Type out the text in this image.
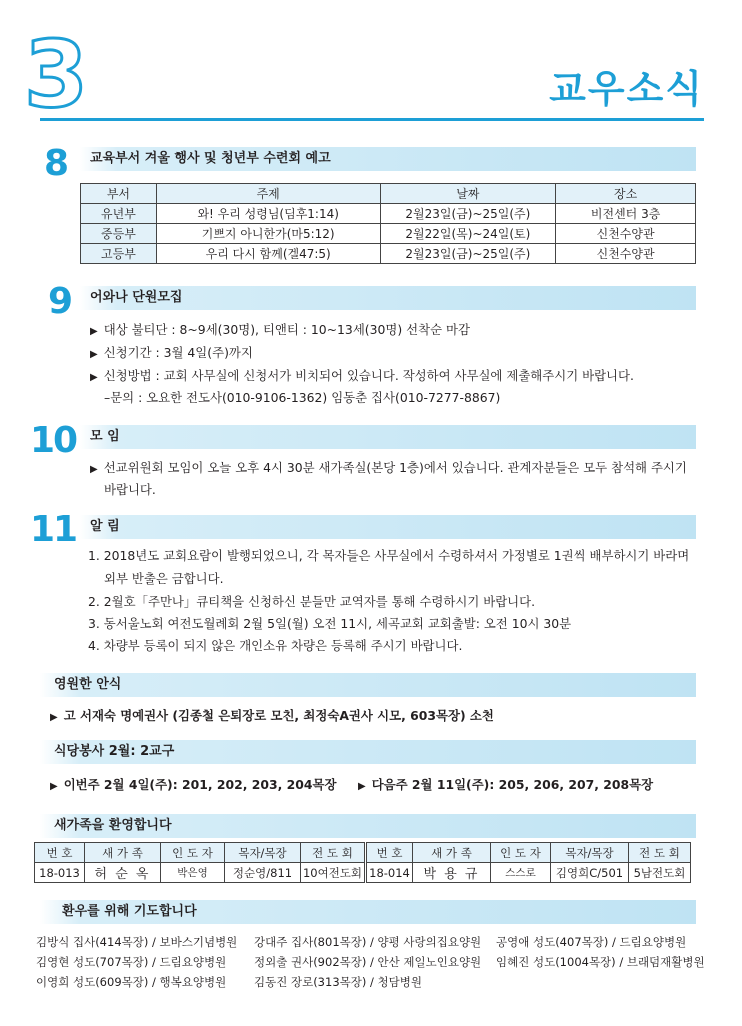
3	교우소식
8	교육부서 겨울 행사 및 청년부 수련회 예고
부서	주제	날짜	장소
유년부	와! 우리 성령님(딤후1:14)	2월23일(금)~25일(주)	비전센터 3층
중등부	기쁘지 아니한가(마5:12)	2월22일(목)~24일(토)	신천수양관
고등부	우리 다시 함께(겔47:5)	2월23일(금)~25일(주)	신천수양관
9	어와나 단원모집
▶ 대상 불티단 : 8~9세(30명), 티앤티 : 10~13세(30명) 선착순 마감
▶ 신청기간 : 3월 4일(주)까지
▶ 신청방법 : 교회 사무실에 신청서가 비치되어 있습니다. 작성하여 사무실에 제출해주시기 바랍니다.
–문의 : 오요한 전도사(010-9106-1362) 임동춘 집사(010-7277-8867)
10	모 임
▶ 선교위원회 모임이 오늘 오후 4시 30분 새가족실(본당 1층)에서 있습니다. 관계자분들은 모두 참석해 주시기
바랍니다.
11	알 림
1. 2018년도 교회요람이 발행되었으니, 각 목자들은 사무실에서 수령하셔서 가정별로 1권씩 배부하시기 바라며
외부 반출은 금합니다.
2. 2월호「주만나」큐티책을 신청하신 분들만 교역자를 통해 수령하시기 바랍니다.
3. 동서울노회 여전도월례회 2월 5일(월) 오전 11시, 세곡교회 교회출발: 오전 10시 30분
4. 차량부 등록이 되지 않은 개인소유 차량은 등록해 주시기 바랍니다.
영원한 안식
▶ 고 서재숙 명예권사 (김종철 은퇴장로 모친, 최정숙A권사 시모, 603목장) 소천
식당봉사 2월: 2교구
▶ 이번주 2월 4일(주): 201, 202, 203, 204목장	▶ 다음주 2월 11일(주): 205, 206, 207, 208목장
새가족을 환영합니다
번 호	새 가 족	인 도 자	목자/목장	전 도 회
18-013	허 순 옥	박은영	정순영/811	10여전도회
번 호	새 가 족	인 도 자	목자/목장	전 도 회
18-014	박 용 규	스스로	김영희C/501	5남전도회
환우를 위해 기도합니다
김방식 집사(414목장) / 보바스기념병원
김영현 성도(707목장) / 드림요양병원
이영희 성도(609목장) / 행복요양병원
강대주 집사(801목장) / 양평 사랑의집요양원
정외출 권사(902목장) / 안산 제일노인요양원
김동진 장로(313목장) / 청담병원
공영애 성도(407목장) / 드림요양병원
임혜진 성도(1004목장) / 브래덤재활병원
